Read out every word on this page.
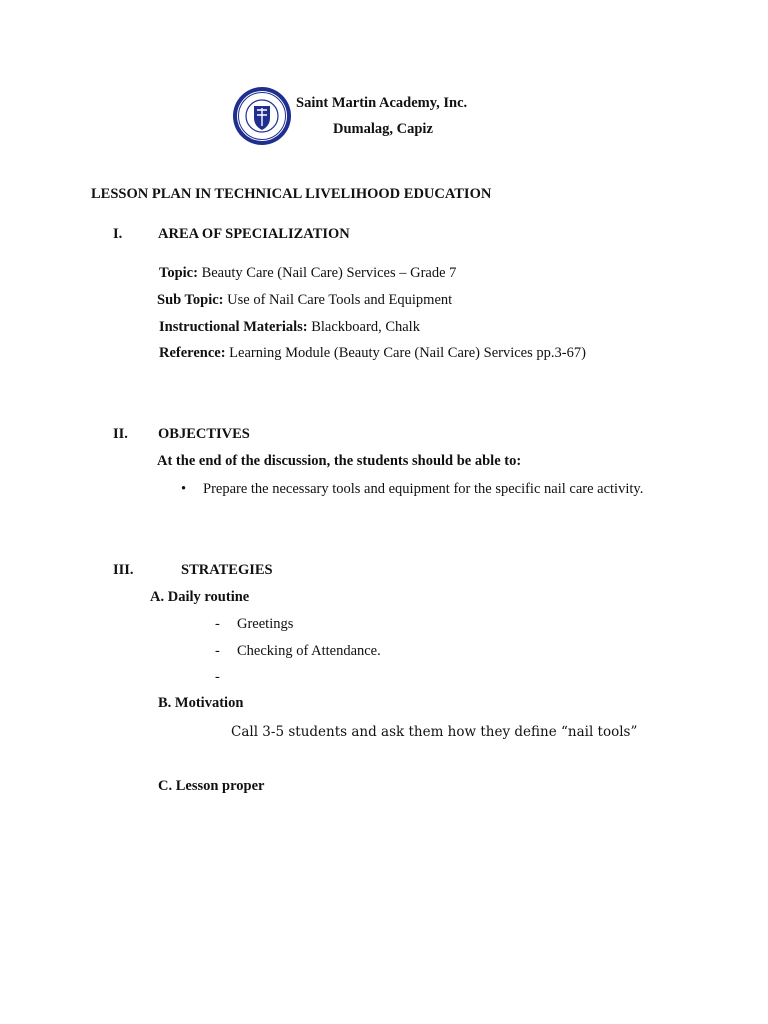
✦
Saint Martin Academy, Inc.
Dumalag, Capiz
LESSON PLAN IN TECHNICAL LIVELIHOOD EDUCATION
I. AREA OF SPECIALIZATION
Topic: Beauty Care (Nail Care) Services – Grade 7
Sub Topic: Use of Nail Care Tools and Equipment
Instructional Materials: Blackboard, Chalk
Reference: Learning Module (Beauty Care (Nail Care) Services pp.3-67)
II. OBJECTIVES
At the end of the discussion, the students should be able to:
• Prepare the necessary tools and equipment for the specific nail care activity.
III.	STRATEGIES
A. Daily routine
- Greetings
- Checking of Attendance.
-
B. Motivation
Call 3-5 students and ask them how they define “nail tools”
C. Lesson proper
